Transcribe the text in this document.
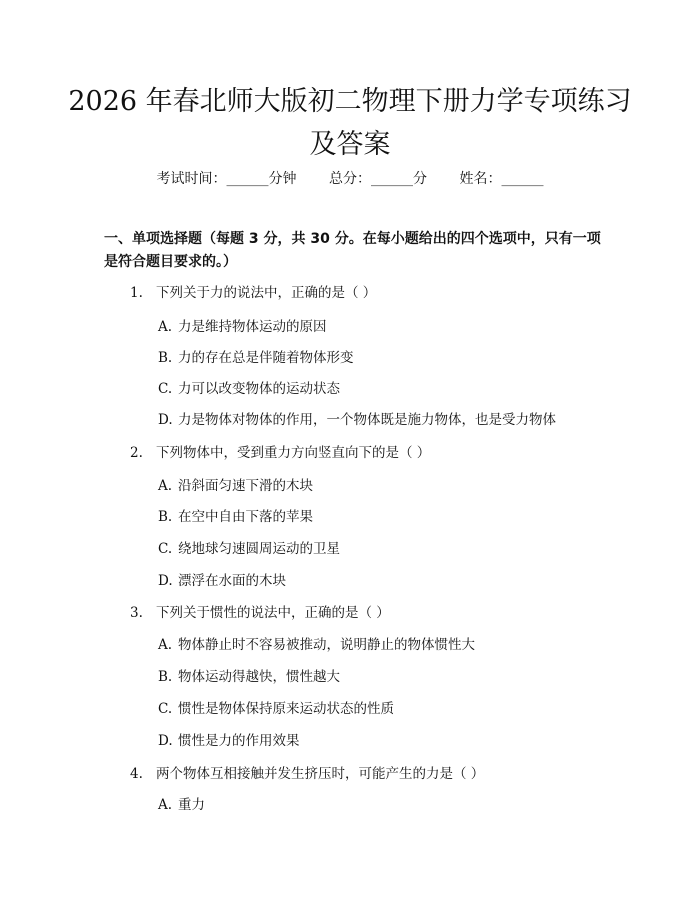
2026 年春北师大版初二物理下册力学专项练习及答案
考试时间：______分钟 总分：______分 姓名：______
一、单项选择题（每题 3 分，共 30 分。在每小题给出的四个选项中，只有一项是符合题目要求的。）
1. 下列关于力的说法中，正确的是（ ）
A. 力是维持物体运动的原因
B. 力的存在总是伴随着物体形变
C. 力可以改变物体的运动状态
D. 力是物体对物体的作用，一个物体既是施力物体，也是受力物体
2. 下列物体中，受到重力方向竖直向下的是（ ）
A. 沿斜面匀速下滑的木块
B. 在空中自由下落的苹果
C. 绕地球匀速圆周运动的卫星
D. 漂浮在水面的木块
3. 下列关于惯性的说法中，正确的是（ ）
A. 物体静止时不容易被推动，说明静止的物体惯性大
B. 物体运动得越快，惯性越大
C. 惯性是物体保持原来运动状态的性质
D. 惯性是力的作用效果
4. 两个物体互相接触并发生挤压时，可能产生的力是（ ）
A. 重力
